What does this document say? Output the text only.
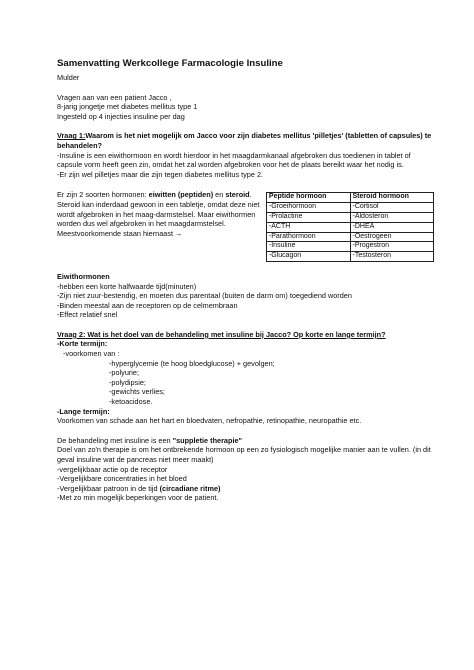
Samenvatting Werkcollege Farmacologie Insuline

Mulder

Vragen aan van een patient Jacco ,

8-jarig jongetje met diabetes mellitus type 1

Ingesteld op 4 injecties insuline per dag

Vraag 1:Waarom is het niet mogelijk om Jacco voor zijn diabetes mellitus 'pilletjes' (tabletten of capsules) te behandelen?

-Insuline is een eiwithormoon en wordt hierdoor in het maagdarmkanaal afgebroken dus toedienen in tablet of capsule vorm heeft geen zin, omdat het zal worden afgebroken voor het de plaats bereikt waar het nodig is.

-Er zijn wel pilletjes maar die zijn tegen diabetes mellitus type 2.

Er zijn 2 soorten hormonen: eiwitten (peptiden) en steroid. Steroid kan inderdaad gewoon in een tabletje, omdat deze niet wordt afgebroken in het maag-darmstelsel. Maar eiwithormen worden dus wel afgebroken in het maagdarmstelsel. Meestvoorkomende staan hiernaast →

Peptide hormoon	Steroid hormoon
-Groeihormoon	-Cortisol
-Prolactine	-Aldosteron
-ACTH	-DHEA
-Parathormoon	-Oestrogeen
-Insuline	-Progestron
-Glucagon	-Testosteron

Eiwithormonen

-hebben een korte halfwaarde tijd(minuten)

-Zijn niet zuur-bestendig, en moeten dus parentaal (buiten de darm om) toegediend worden

-Binden meestal aan de receptoren op de celmembraan

-Effect relatief snel

Vraag 2: Wat is het doel van de behandeling met insuline bij Jacco? Op korte en lange termijn?

-Korte termijn:

-voorkomen van :

-hyperglycemie (te hoog bloedglucose) + gevolgen;

-polyurie;

-polydipsie;

-gewichts verlies;

-ketoacidose.

-Lange termijn:

Voorkomen van schade aan het hart en bloedvaten, nefropathie, retinopathie, neuropathie etc.

De behandeling met insuline is een "suppletie therapie"

Doel van zo'n therapie is om het ontbrekende hormoon op een zo fysiologisch mogelijke manier aan te vullen. (in dit geval insuline wat de pancreas niet meer maakt)

-vergelijkbaar actie op de receptor

-Vergelijkbare concentraties in het bloed

-Vergelijkbaar patroon in de tijd (circadiane ritme)

-Met zo min mogelijk beperkingen voor de patient.
